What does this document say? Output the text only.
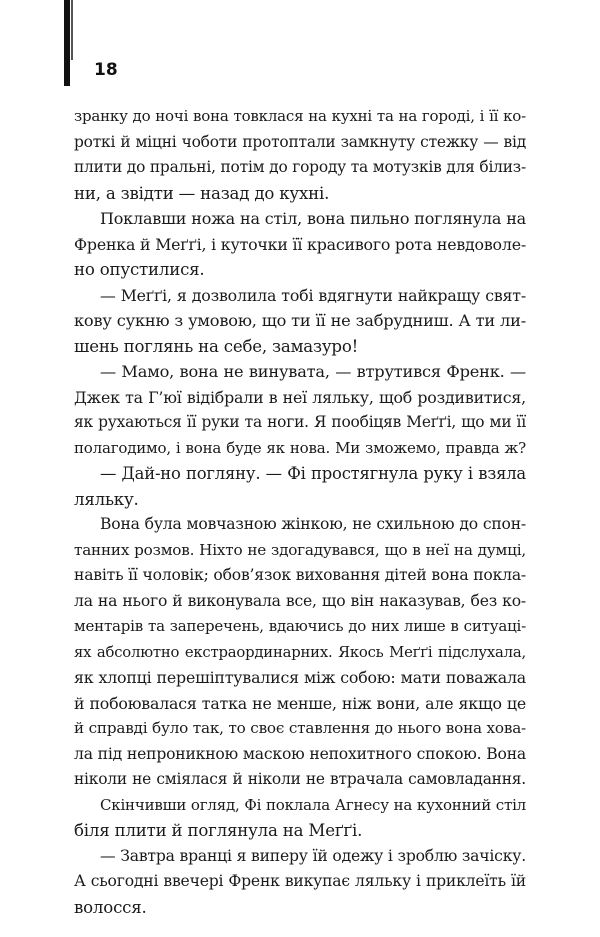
18
зранку до ночі вона товклася на кухні та на городі, і її ко-
роткі й міцні чоботи протоптали замкнуту стежку — від
плити до пральні, потім до городу та мотузків для білиз-
ни, а звідти — назад до кухні.
Поклавши ножа на стіл, вона пильно поглянула на
Френка й Меґґі, і куточки її красивого рота невдоволе-
но опустилися.
— Меґґі, я дозволила тобі вдягнути найкращу свят-
кову сукню з умовою, що ти її не забрудниш. А ти ли-
шень поглянь на себе, замазуро!
— Мамо, вона не винувата, — втрутився Френк. —
Джек та Г’юї відібрали в неї ляльку, щоб роздивитися,
як рухаються її руки та ноги. Я пообіцяв Меґґі, що ми її
полагодимо, і вона буде як нова. Ми зможемо, правда ж?
— Дай-но погляну. — Фі простягнула руку і взяла
ляльку.
Вона була мовчазною жінкою, не схильною до спон-
танних розмов. Ніхто не здогадувався, що в неї на думці,
навіть її чоловік; обов’язок виховання дітей вона покла-
ла на нього й виконувала все, що він наказував, без ко-
ментарів та заперечень, вдаючись до них лише в ситуаці-
ях абсолютно екстраординарних. Якось Меґґі підслухала,
як хлопці перешіптувалися між собою: мати поважала
й побоювалася татка не менше, ніж вони, але якщо це
й справді було так, то своє ставлення до нього вона хова-
ла під непроникною маскою непохитного спокою. Вона
ніколи не сміялася й ніколи не втрачала самовладання.
Скінчивши огляд, Фі поклала Агнесу на кухонний стіл
біля плити й поглянула на Меґґі.
— Завтра вранці я виперу їй одежу і зроблю зачіску.
А сьогодні ввечері Френк викупає ляльку і приклеїть їй
волосся.
